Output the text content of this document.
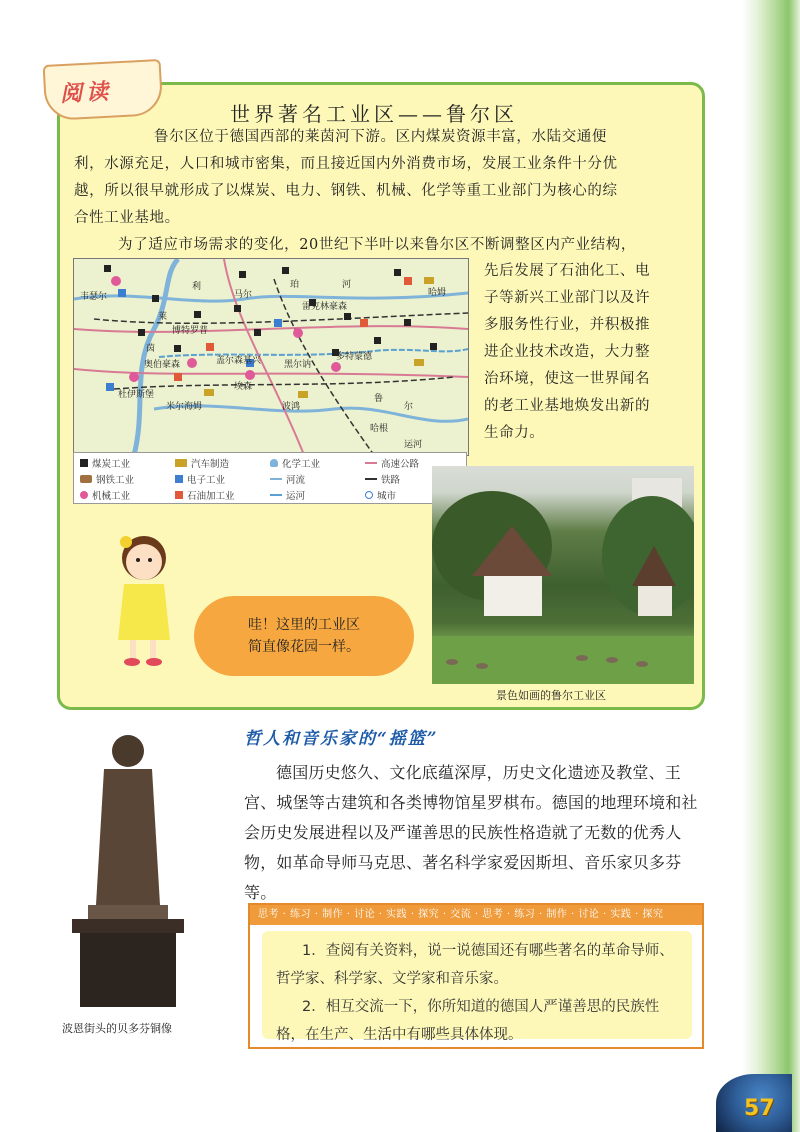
阅读
世界著名工业区——鲁尔区
鲁尔区位于德国西部的莱茵河下游。区内煤炭资源丰富，水陆交通便
利，水源充足，人口和城市密集，而且接近国内外消费市场，发展工业条件十分优
越，所以很早就形成了以煤炭、电力、钢铁、机械、化学等重工业部门为核心的综
合性工业基地。
为了适应市场需求的变化，20世纪下半叶以来鲁尔区不断调整区内产业结构，
韦瑟尔	马尔
博特罗普
雷克林豪森
奥伯豪森	盖尔森基兴	黑尔讷
多特蒙德
杜伊斯堡
埃森
米尔海姆	波鸿
哈根
哈姆
利	珀	河
莱
茵
鲁
尔
运河
煤炭工业	汽车制造	化学工业	高速公路
钢铁工业	电子工业	河流	铁路
机械工业	石油加工业	运河	城市
先后发展了石油化工、电
子等新兴工业部门以及许
多服务性行业，并积极推
进企业技术改造，大力整
治环境，使这一世界闻名
的老工业基地焕发出新的
生命力。
景色如画的鲁尔工业区
哇！这里的工业区
简直像花园一样。
哲人和音乐家的“摇篮”
波恩街头的贝多芬铜像
德国历史悠久、文化底蕴深厚，历史文化遗迹及教堂、王宫、城堡等古建筑和各类博物馆星罗棋布。德国的地理环境和社会历史发展进程以及严谨善思的民族性格造就了无数的优秀人物，如革命导师马克思、著名科学家爱因斯坦、音乐家贝多芬等。
思考 · 练习 · 制作 · 讨论 · 实践 · 探究 · 交流 · 思考 · 练习 · 制作 · 讨论 · 实践 · 探究
1．查阅有关资料，说一说德国还有哪些著名的革命导师、哲学家、科学家、文学家和音乐家。
2．相互交流一下，你所知道的德国人严谨善思的民族性格，在生产、生活中有哪些具体体现。
57
